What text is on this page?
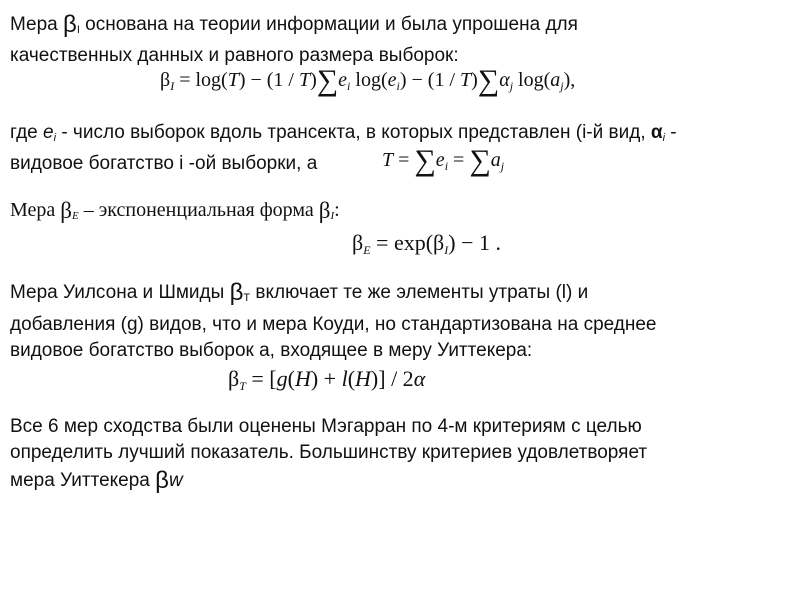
Мера $\beta_I$ основана на теории информации и была упрошена для
качественных данных и равного размера выборок:
$\beta_I = \log(T) - (1 / T)\sum e_i$ $\log(e_i) - (1 / T)\sum\alpha_j$ $\log(a_j)$,
где $e_i$ - число выборок вдоль трансекта, в которых представлен (i-й вид, $\alpha_i$ -
видовое богатство i -ой выборки, а	$T = \sum e_i = \sum a_j$
Мера $\beta_E$ – экспоненциальная форма $\beta_I$:
βE = exp(βI) − 1 .
Мера Уилсона и Шмиды $\beta_T$ включает те же элементы утраты (l) и
добавления (g) видов, что и мера Коуди, но стандартизована на среднее
видовое богатство выборок а, входящее в меру Уиттекера:
βT = [g(H) + l(H)] / 2α
Все 6 мер сходства были оценены Мэгарран по 4-м критериям с целью
определить лучший показатель. Большинству критериев удовлетворяет
мера Уиттекера βw
